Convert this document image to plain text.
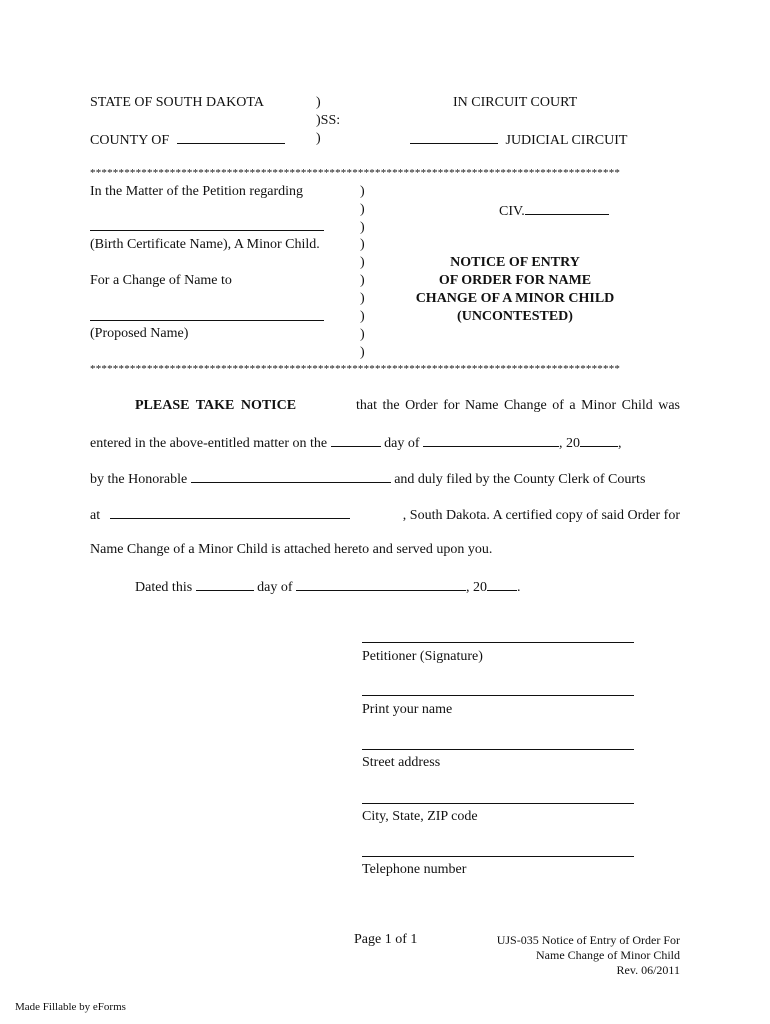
STATE OF SOUTH DAKOTA	)
)SS:
COUNTY OF	)
IN CIRCUIT COURT
JUDICIAL CIRCUIT
*********************************************************************************************
In the Matter of the Petition regarding
(Birth Certificate Name), A Minor Child.
For a Change of Name to
(Proposed Name)
)
)
)
)
)
)
)
)
)
)
CIV.
NOTICE OF ENTRY
OF ORDER FOR NAME
CHANGE OF A MINOR CHILD
(UNCONTESTED)
*********************************************************************************************
PLEASE TAKE NOTICE	that the Order for Name Change of a Minor Child was
entered in the above-entitled matter on the	day of	, 20	,
by the Honorable	and duly filed by the County Clerk of Courts
at	, South Dakota. A certified copy of said Order for
Name Change of a Minor Child is attached hereto and served upon you.
Dated this	day of	, 20 .
Petitioner (Signature)
Print your name
Street address
City, State, ZIP code
Telephone number
Page 1 of 1	UJS-035 Notice of Entry of Order For
Name Change of Minor Child
Rev. 06/2011
Made Fillable by eForms
